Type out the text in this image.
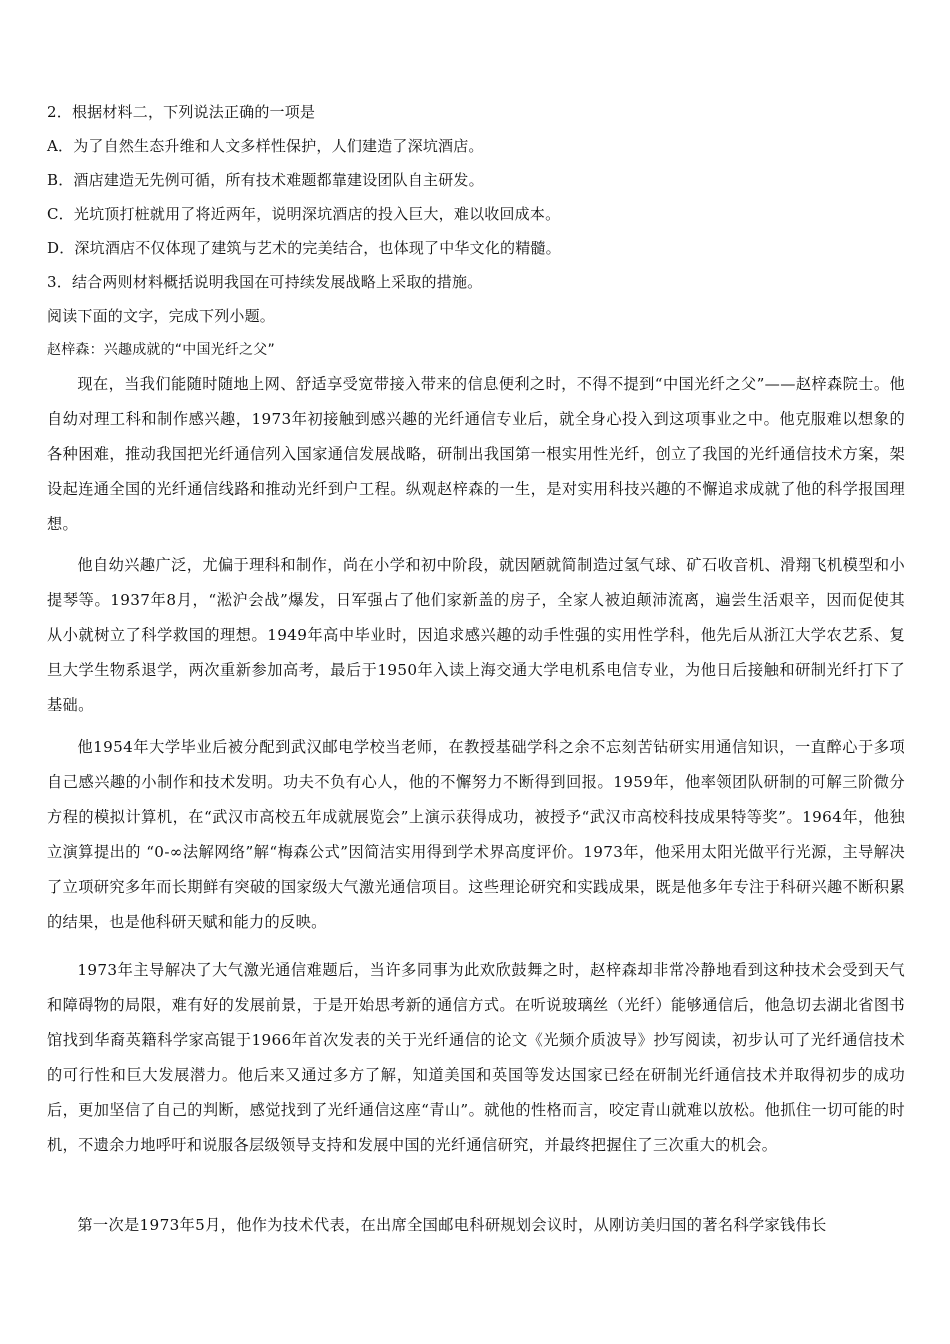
2．根据材料二，下列说法正确的一项是
A．为了自然生态升维和人文多样性保护，人们建造了深坑酒店。
B．酒店建造无先例可循，所有技术难题都靠建设团队自主研发。
C．光坑顶打桩就用了将近两年，说明深坑酒店的投入巨大，难以收回成本。
D．深坑酒店不仅体现了建筑与艺术的完美结合，也体现了中华文化的精髓。
3．结合两则材料概括说明我国在可持续发展战略上采取的措施。
阅读下面的文字，完成下列小题。
赵梓森：兴趣成就的“中国光纤之父”
现在，当我们能随时随地上网、舒适享受宽带接入带来的信息便利之时，不得不提到“中国光纤之父”——赵梓森院士。他自幼对理工科和制作感兴趣，1973年初接触到感兴趣的光纤通信专业后，就全身心投入到这项事业之中。他克服难以想象的各种困难，推动我国把光纤通信列入国家通信发展战略，研制出我国第一根实用性光纤，创立了我国的光纤通信技术方案，架设起连通全国的光纤通信线路和推动光纤到户工程。纵观赵梓森的一生，是对实用科技兴趣的不懈追求成就了他的科学报国理想。
他自幼兴趣广泛，尤偏于理科和制作，尚在小学和初中阶段，就因陋就简制造过氢气球、矿石收音机、滑翔飞机模型和小提琴等。1937年8月，“淞沪会战”爆发，日军强占了他们家新盖的房子，全家人被迫颠沛流离，遍尝生活艰辛，因而促使其从小就树立了科学救国的理想。1949年高中毕业时，因追求感兴趣的动手性强的实用性学科，他先后从浙江大学农艺系、复旦大学生物系退学，两次重新参加高考，最后于1950年入读上海交通大学电机系电信专业，为他日后接触和研制光纤打下了基础。
他1954年大学毕业后被分配到武汉邮电学校当老师，在教授基础学科之余不忘刻苦钻研实用通信知识，一直醉心于多项自己感兴趣的小制作和技术发明。功夫不负有心人，他的不懈努力不断得到回报。1959年，他率领团队研制的可解三阶微分方程的模拟计算机，在“武汉市高校五年成就展览会”上演示获得成功，被授予“武汉市高校科技成果特等奖”。1964年，他独立演算提出的 “0-∞法解网络”解“梅森公式”因简洁实用得到学术界高度评价。1973年，他采用太阳光做平行光源，主导解决了立项研究多年而长期鲜有突破的国家级大气激光通信项目。这些理论研究和实践成果，既是他多年专注于科研兴趣不断积累的结果，也是他科研天赋和能力的反映。
1973年主导解决了大气激光通信难题后，当许多同事为此欢欣鼓舞之时，赵梓森却非常冷静地看到这种技术会受到天气和障碍物的局限，难有好的发展前景，于是开始思考新的通信方式。在听说玻璃丝（光纤）能够通信后，他急切去湖北省图书馆找到华裔英籍科学家高锟于1966年首次发表的关于光纤通信的论文《光频介质波导》抄写阅读，初步认可了光纤通信技术的可行性和巨大发展潜力。他后来又通过多方了解，知道美国和英国等发达国家已经在研制光纤通信技术并取得初步的成功后，更加坚信了自己的判断，感觉找到了光纤通信这座“青山”。就他的性格而言，咬定青山就难以放松。他抓住一切可能的时机，不遗余力地呼吁和说服各层级领导支持和发展中国的光纤通信研究，并最终把握住了三次重大的机会。
第一次是1973年5月，他作为技术代表，在出席全国邮电科研规划会议时，从刚访美归国的著名科学家钱伟长
